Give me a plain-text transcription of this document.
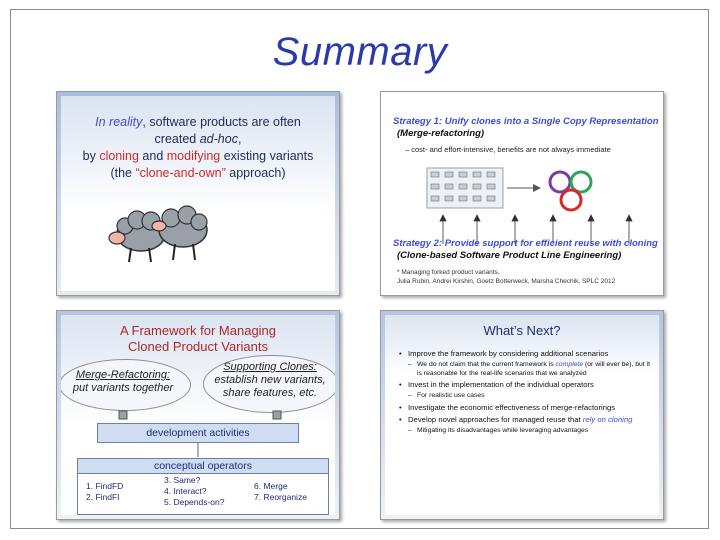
Summary
In reality, software products are often
created ad-hoc,
by cloning and modifying existing variants
(the “clone-and-own” approach)
Strategy 1: Unify clones into a Single Copy Representation
(Merge-refactoring)
– cost- and effort-intensive, benefits are not always immediate
Strategy 2: Provide support for efficient reuse with cloning
(Clone-based Software Product Line Engineering)
* Managing forked product variants.
Julia Rubin, Andrei Kirshin, Goetz Botterweck, Marsha Chechik, SPLC 2012
A Framework for Managing
Cloned Product Variants
Merge-Refactoring:
put variants together
Supporting Clones:
establish new variants,
share features, etc.
development activities
conceptual operators
1. FindFD
2. FindFI
3. Same?
4. Interact?
5. Depends-on?
6. Merge
7. Reorganize
What’s Next?
• Improve the framework by considering additional scenarios
– We do not claim that the current framework is complete (or will ever be), but it is reasonable for the real-life scenarios that we analyzed
• Invest in the implementation of the individual operators
– For realistic use cases
• Investigate the economic effectiveness of merge-refactorings
• Develop novel approaches for managed reuse that rely on cloning
– Mitigating its disadvantages while leveraging advantages
